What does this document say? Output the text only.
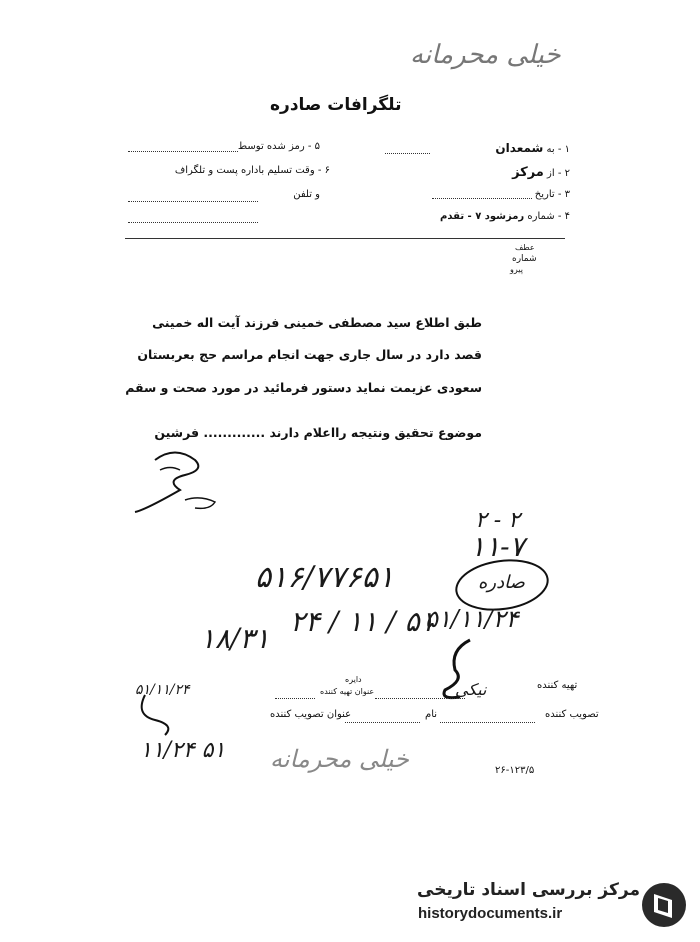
خیلی محرمانه
تلگرافات صادره
۱ - به شمعدان
۲ - از مرکز
۳ - تاریخ
۴ - شماره رمزشود ۷ - تقدم
۵ - رمز شده توسط
۶ - وقت تسلیم باداره پست و تلگراف
و تلفن
شماره
عطف
پیرو
طبق اطلاع سید مصطفی خمینی فرزند آیت اله خمینی
قصد دارد در سال جاری جهت انجام مراسم حج بعربستان
سعودی عزیمت نماید دستور فرمائید در مورد صحت و سقم
موضوع تحقیق ونتیجه رااعلام دارند ............. فرشین
۲ - ۲
۱۱-۷
صادره
۵۱۶/۷۷۶۵۱
۲۴ / ۱۱ / ۵۱
۵۱/۱۱/۲۴
۱۸/۳۱
نیکی	تهیه کننده
دایره
عنوان تهیه کننده
۵۱/۱۱/۲۴
تصویب کننده
نام
عنوان تصویب کننده
۱۱/۲۴ ۵۱ خیلی محرمانه	۲۶-۱۲۳/۵
مرکز بررسی اسناد تاریخی
historydocuments.ir
